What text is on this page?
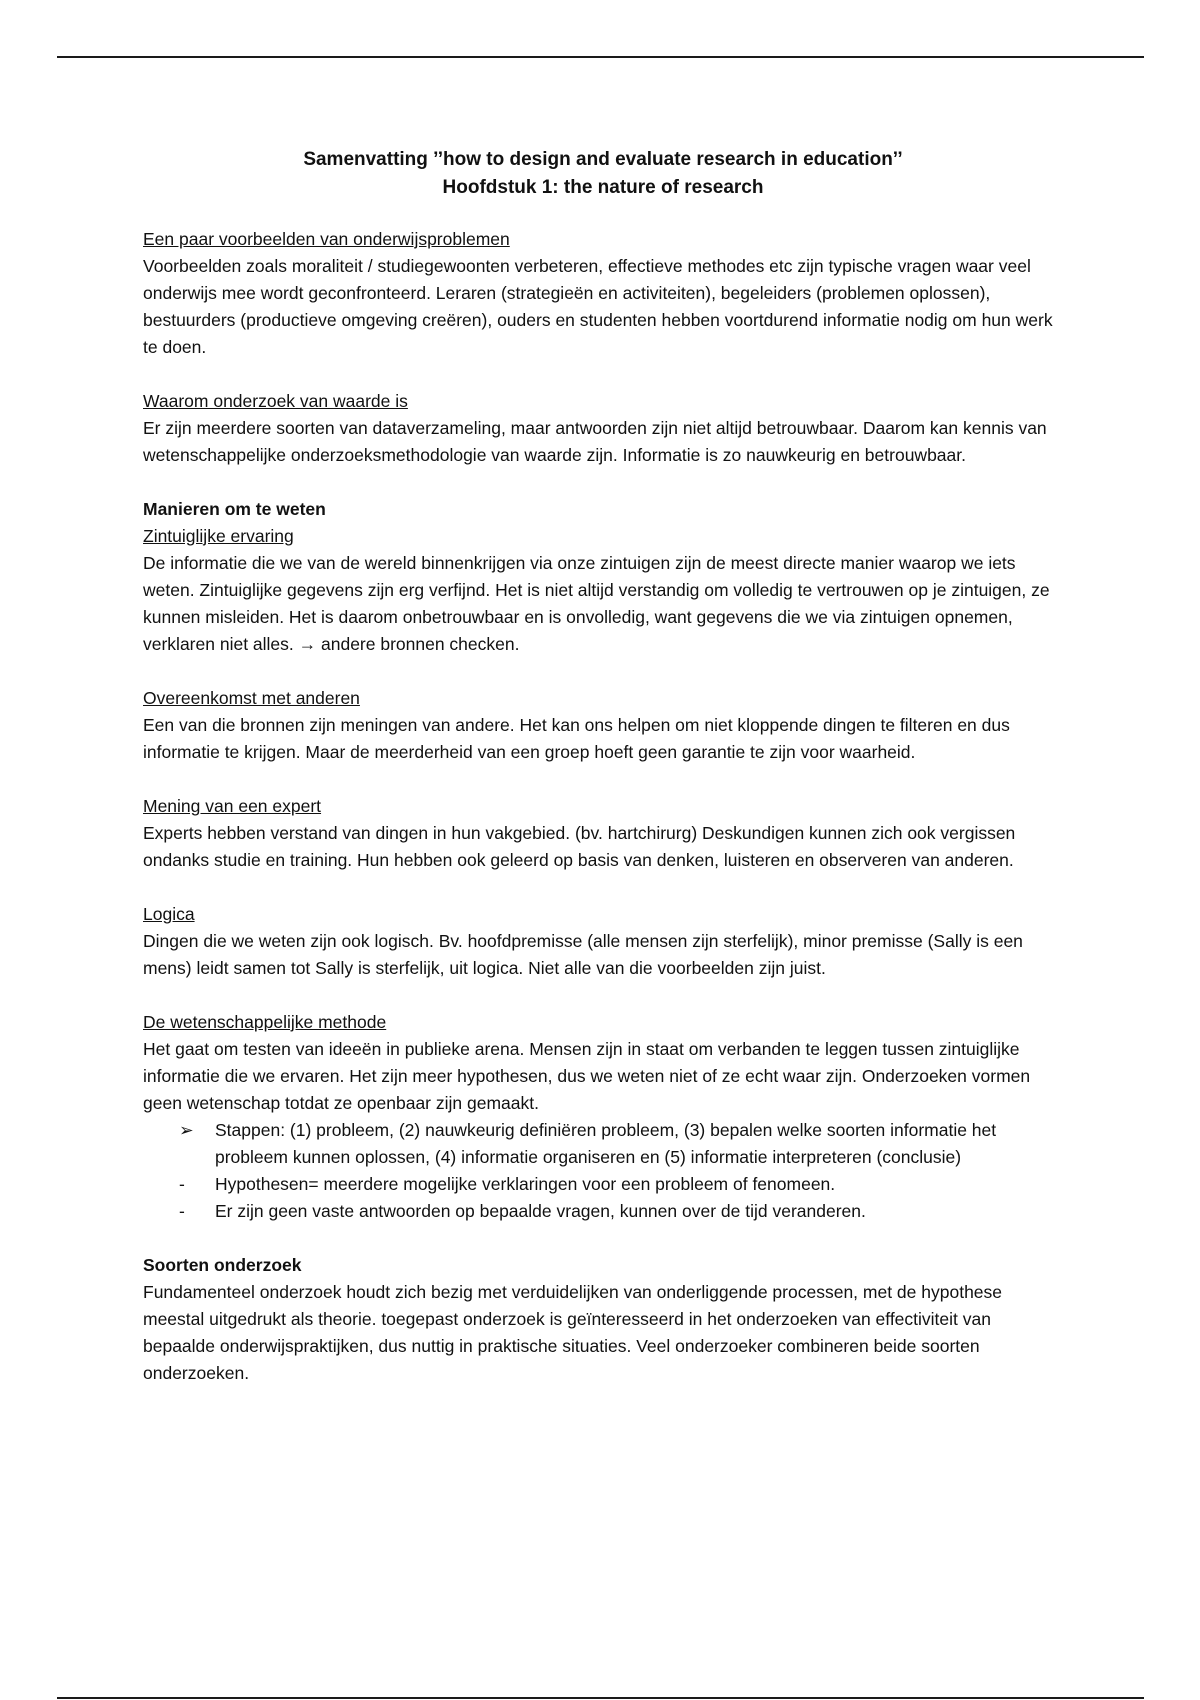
Samenvatting ’’how to design and evaluate research in education’’
Hoofdstuk 1: the nature of research
Een paar voorbeelden van onderwijsproblemen

Voorbeelden zoals moraliteit / studiegewoonten verbeteren, effectieve methodes etc zijn typische vragen waar veel onderwijs mee wordt geconfronteerd. Leraren (strategieën en activiteiten), begeleiders (problemen oplossen), bestuurders (productieve omgeving creëren), ouders en studenten hebben voortdurend informatie nodig om hun werk te doen.

Waarom onderzoek van waarde is

Er zijn meerdere soorten van dataverzameling, maar antwoorden zijn niet altijd betrouwbaar. Daarom kan kennis van wetenschappelijke onderzoeksmethodologie van waarde zijn. Informatie is zo nauwkeurig en betrouwbaar.

Manieren om te weten
Zintuiglijke ervaring

De informatie die we van de wereld binnenkrijgen via onze zintuigen zijn de meest directe manier waarop we iets weten. Zintuiglijke gegevens zijn erg verfijnd. Het is niet altijd verstandig om volledig te vertrouwen op je zintuigen, ze kunnen misleiden. Het is daarom onbetrouwbaar en is onvolledig, want gegevens die we via zintuigen opnemen, verklaren niet alles. → andere bronnen checken.

Overeenkomst met anderen

Een van die bronnen zijn meningen van andere. Het kan ons helpen om niet kloppende dingen te filteren en dus informatie te krijgen. Maar de meerderheid van een groep hoeft geen garantie te zijn voor waarheid.

Mening van een expert

Experts hebben verstand van dingen in hun vakgebied. (bv. hartchirurg) Deskundigen kunnen zich ook vergissen ondanks studie en training. Hun hebben ook geleerd op basis van denken, luisteren en observeren van anderen.

Logica

Dingen die we weten zijn ook logisch. Bv. hoofdpremisse (alle mensen zijn sterfelijk), minor premisse (Sally is een mens) leidt samen tot Sally is sterfelijk, uit logica. Niet alle van die voorbeelden zijn juist.

De wetenschappelijke methode

Het gaat om testen van ideeën in publieke arena. Mensen zijn in staat om verbanden te leggen tussen zintuiglijke informatie die we ervaren. Het zijn meer hypothesen, dus we weten niet of ze echt waar zijn. Onderzoeken vormen geen wetenschap totdat ze openbaar zijn gemaakt.

➢	Stappen: (1) probleem, (2) nauwkeurig definiëren probleem, (3) bepalen welke soorten informatie het probleem kunnen oplossen, (4) informatie organiseren en (5) informatie interpreteren (conclusie)
-	Hypothesen= meerdere mogelijke verklaringen voor een probleem of fenomeen.
-	Er zijn geen vaste antwoorden op bepaalde vragen, kunnen over de tijd veranderen.
Soorten onderzoek

Fundamenteel onderzoek houdt zich bezig met verduidelijken van onderliggende processen, met de hypothese meestal uitgedrukt als theorie. toegepast onderzoek is geïnteresseerd in het onderzoeken van effectiviteit van bepaalde onderwijspraktijken, dus nuttig in praktische situaties. Veel onderzoeker combineren beide soorten onderzoeken.
